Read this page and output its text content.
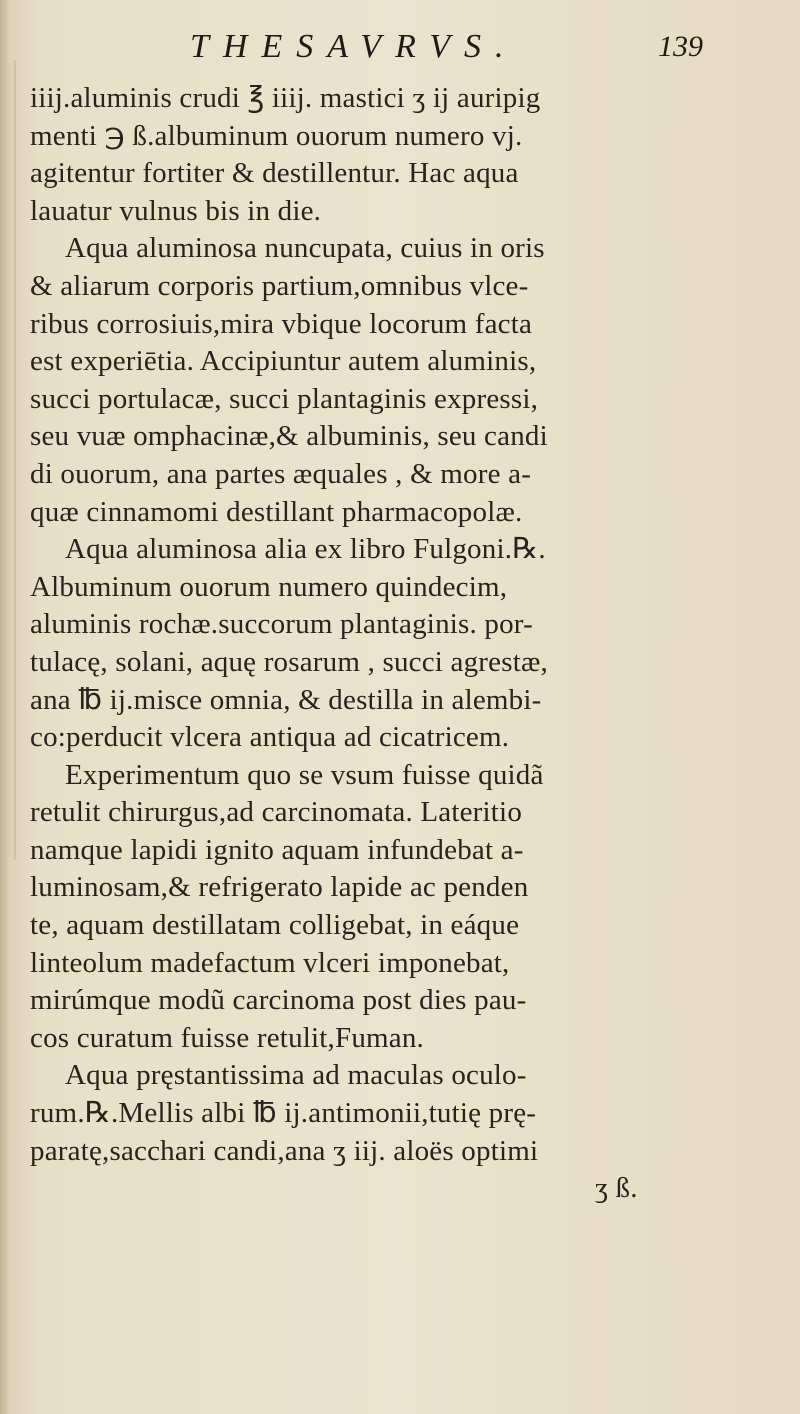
THESAVRVS.	139
iiij.aluminis crudi ℥ iiij. mastici ʒ ij auripig
menti ℈ ß.albuminum ouorum numero vj.
agitentur fortiter & destillentur. Hac aqua
lauatur vulnus bis in die.
Aqua aluminosa nuncupata, cuius in oris
& aliarum corporis partium,omnibus vlce-
ribus corrosiuis,mira vbique locorum facta
est experiētia. Accipiuntur autem aluminis,
succi portulacæ, succi plantaginis expressi,
seu vuæ omphacinæ,& albuminis, seu candi
di ouorum, ana partes æquales , & more a-
quæ cinnamomi destillant pharmacopolæ.
Aqua aluminosa alia ex libro Fulgoni.℞.
Albuminum ouorum numero quindecim,
aluminis rochæ.succorum plantaginis. por-
tulacę, solani, aquę rosarum , succi agrestæ,
ana ℔ ij.misce omnia, & destilla in alembi-
co:perducit vlcera antiqua ad cicatricem.
Experimentum quo se vsum fuisse quidã
retulit chirurgus,ad carcinomata. Lateritio
namque lapidi ignito aquam infundebat a-
luminosam,& refrigerato lapide ac penden
te, aquam destillatam colligebat, in eáque
linteolum madefactum vlceri imponebat,
mirúmque modũ carcinoma post dies pau-
cos curatum fuisse retulit,Fuman.
Aqua pręstantissima ad maculas oculo-
rum.℞.Mellis albi ℔ ij.antimonii,tutię prę-
paratę,sacchari candi,ana ʒ iij. aloës optimi
ʒ ß.
